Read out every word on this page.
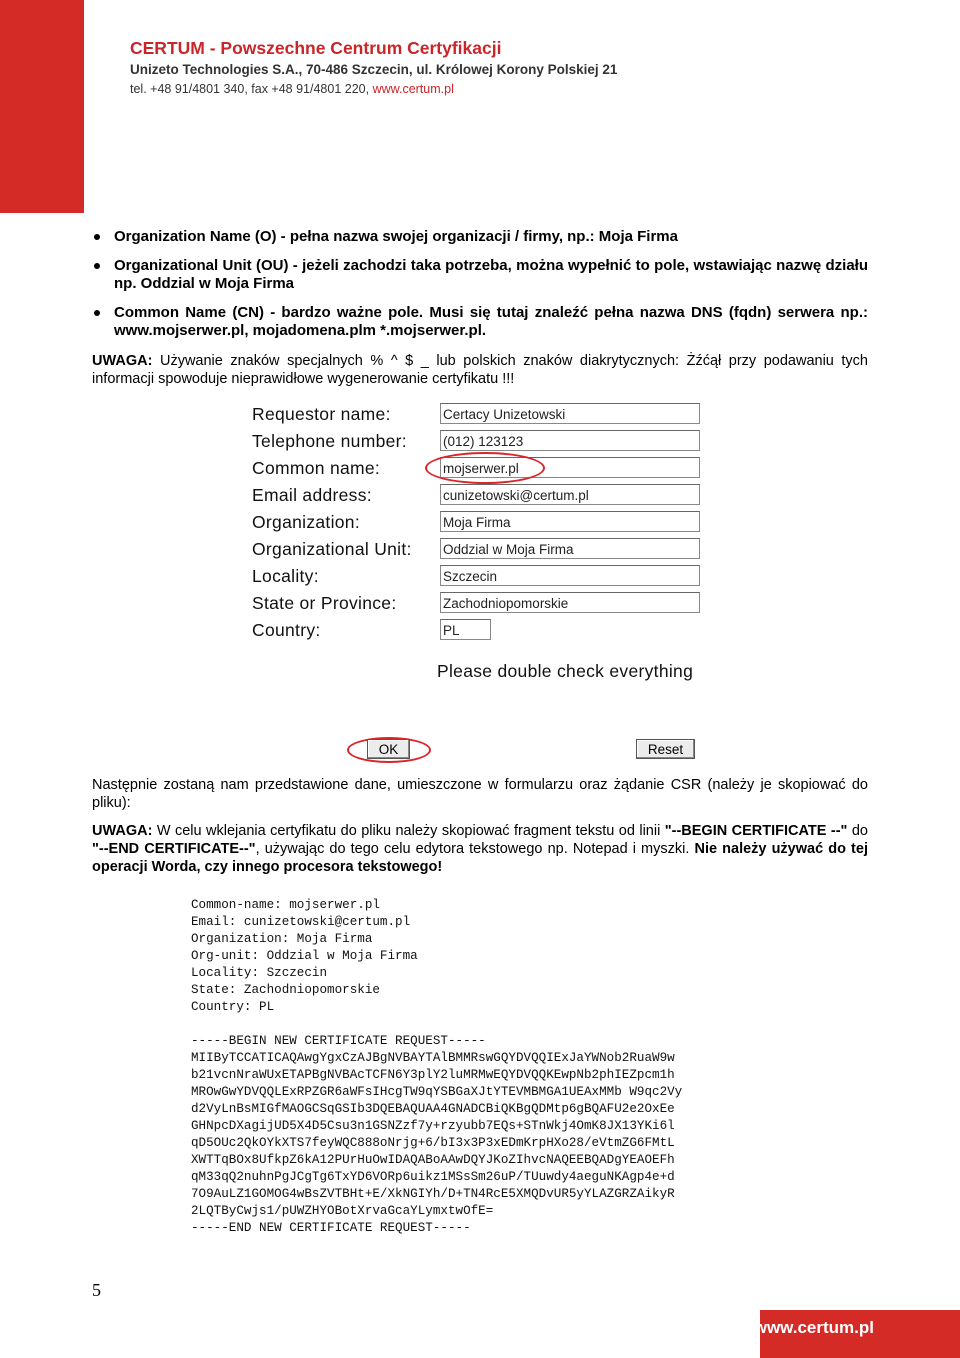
CERTUM - Powszechne Centrum Certyfikacji
Unizeto Technologies S.A., 70-486 Szczecin, ul. Królowej Korony Polskiej 21
tel. +48 91/4801 340, fax +48 91/4801 220, www.certum.pl
Organization Name (O) - pełna nazwa swojej organizacji / firmy, np.: Moja Firma
Organizational Unit (OU) - jeżeli zachodzi taka potrzeba, można wypełnić to pole, wstawiając nazwę działu np. Oddzial w Moja Firma
Common Name (CN) - bardzo ważne pole. Musi się tutaj znaleźć pełna nazwa DNS (fqdn) serwera np.: www.mojserwer.pl, mojadomena.plm *.mojserwer.pl.
UWAGA: Używanie znaków specjalnych % ^ $ _ lub polskich znaków diakrytycznych: Żźćął przy podawaniu tych informacji spowoduje nieprawidłowe wygenerowanie certyfikatu !!!
Requestor name:	Certacy Unizetowski
Telephone number:	(012) 123123
Common name:	mojserwer.pl
Email address:	cunizetowski@certum.pl
Organization:	Moja Firma
Organizational Unit: Oddzial w Moja Firma
Locality:	Szczecin
State or Province:	Zachodniopomorskie
Country:	PL
Please double check everything
OK	Reset
Następnie zostaną nam przedstawione dane, umieszczone w formularzu oraz żądanie CSR (należy je skopiować do pliku):
UWAGA: W celu wklejania certyfikatu do pliku należy skopiować fragment tekstu od linii "--BEGIN CERTIFICATE --" do "--END CERTIFICATE--", używając do tego celu edytora tekstowego np. Notepad i myszki. Nie należy używać do tej operacji Worda, czy innego procesora tekstowego!
Common-name: mojserwer.pl
Email: cunizetowski@certum.pl
Organization: Moja Firma
Org-unit: Oddzial w Moja Firma
Locality: Szczecin
State: Zachodniopomorskie
Country: PL

-----BEGIN NEW CERTIFICATE REQUEST-----
MIIByTCCATICAQAwgYgxCzAJBgNVBAYTAlBMMRswGQYDVQQIExJaYWNob2RuaW9w
b21vcnNraWUxETAPBgNVBAcTCFN6Y3plY2luMRMwEQYDVQQKEwpNb2phIEZpcm1h
MROwGwYDVQQLExRPZGR6aWFsIHcgTW9qYSBGaXJtYTEVMBMGA1UEAxMMb W9qc2Vy
d2VyLnBsMIGfMAOGCSqGSIb3DQEBAQUAA4GNADCBiQKBgQDMtp6gBQAFU2e2OxEe
GHNpcDXagijUD5X4D5Csu3n1GSNZzf7y+rzyubb7EQs+STnWkj4OmK8JX13YKi6l
qD5OUc2QkOYkXTS7feyWQC888oNrjg+6/bI3x3P3xEDmKrpHXo28/eVtmZG6FMtL
XWTTqBOx8UfkpZ6kA12PUrHuOwIDAQABoAAwDQYJKoZIhvcNAQEEBQADgYEAOEFh
qM33qQ2nuhnPgJCgTg6TxYD6VORp6uikz1MSsSm26uP/TUuwdy4aeguNKAgp4e+d
7O9AuLZ1GOMOG4wBsZVTBHt+E/XkNGIYh/D+TN4RcE5XMQDvUR5yYLAZGRZAikyR
2LQTByCwjs1/pUWZHYOBotXrvaGcaYLymxtwOfE=
-----END NEW CERTIFICATE REQUEST-----
5
www.certum.pl
